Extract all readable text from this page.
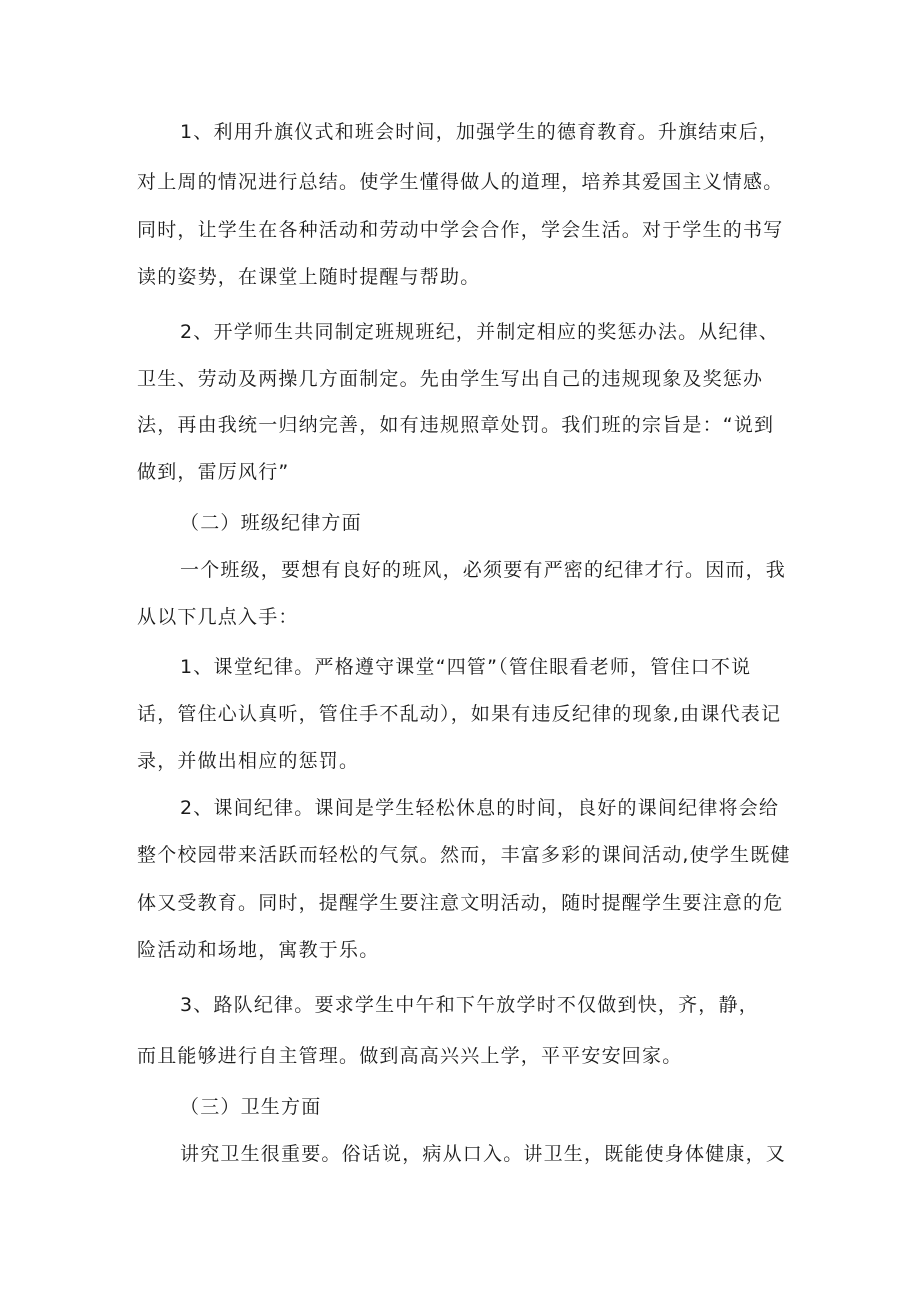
1、利用升旗仪式和班会时间，加强学生的德育教育。升旗结束后，
对上周的情况进行总结。使学生懂得做人的道理，培养其爱国主义情感。
同时，让学生在各种活动和劳动中学会合作，学会生活。对于学生的书写
读的姿势，在课堂上随时提醒与帮助。
2、开学师生共同制定班规班纪，并制定相应的奖惩办法。从纪律、
卫生、劳动及两操几方面制定。先由学生写出自己的违规现象及奖惩办
法，再由我统一归纳完善，如有违规照章处罚。我们班的宗旨是：“说到
做到，雷厉风行”
（二）班级纪律方面
一个班级，要想有良好的班风，必须要有严密的纪律才行。因而，我
从以下几点入手：
1、课堂纪律。严格遵守课堂“四管”（管住眼看老师，管住口不说
话，管住心认真听，管住手不乱动），如果有违反纪律的现象,由课代表记
录，并做出相应的惩罚。
2、课间纪律。课间是学生轻松休息的时间，良好的课间纪律将会给
整个校园带来活跃而轻松的气氛。然而，丰富多彩的课间活动,使学生既健
体又受教育。同时，提醒学生要注意文明活动，随时提醒学生要注意的危
险活动和场地，寓教于乐。
3、路队纪律。要求学生中午和下午放学时不仅做到快，齐，静，
而且能够进行自主管理。做到高高兴兴上学，平平安安回家。
（三）卫生方面
讲究卫生很重要。俗话说，病从口入。讲卫生，既能使身体健康，又
